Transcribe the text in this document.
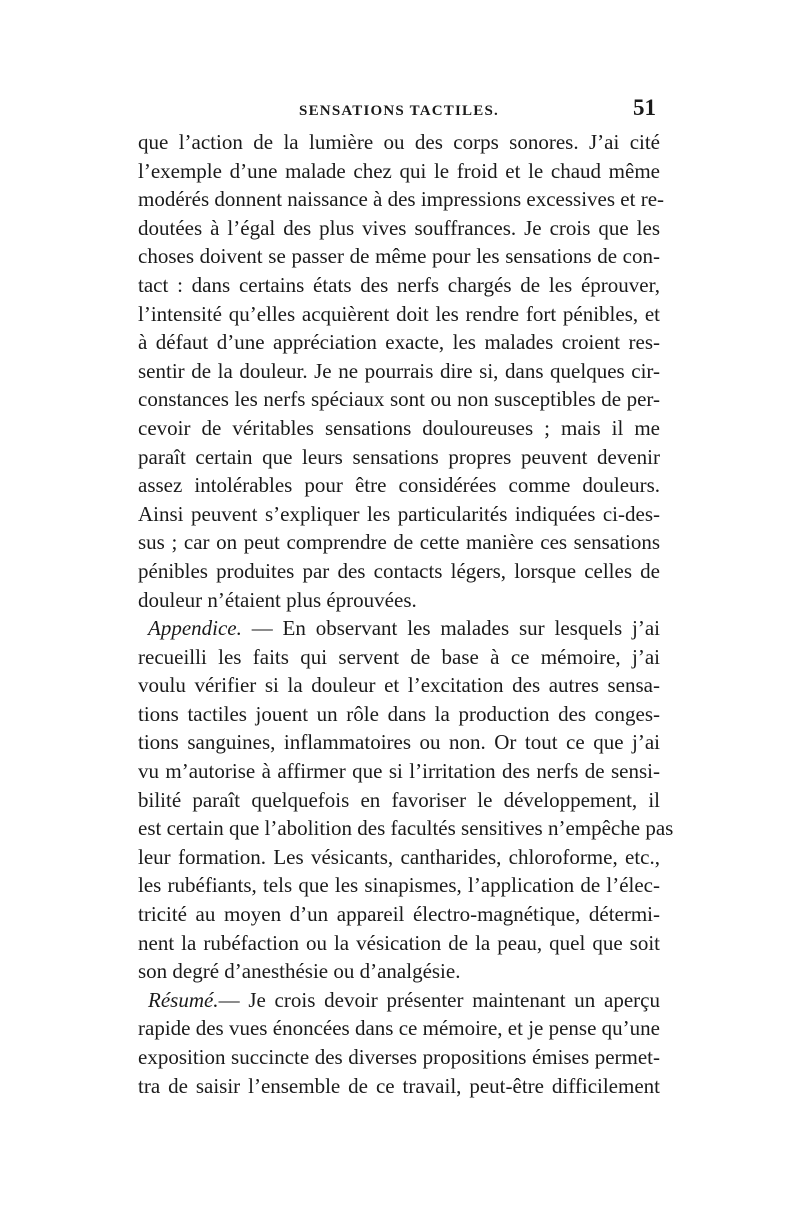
SENSATIONS TACTILES.	51
que l’action de la lumière ou des corps sonores. J’ai cité
l’exemple d’une malade chez qui le froid et le chaud même
modérés donnent naissance à des impressions excessives et re-
doutées à l’égal des plus vives souffrances. Je crois que les
choses doivent se passer de même pour les sensations de con-
tact : dans certains états des nerfs chargés de les éprouver,
l’intensité qu’elles acquièrent doit les rendre fort pénibles, et
à défaut d’une appréciation exacte, les malades croient res-
sentir de la douleur. Je ne pourrais dire si, dans quelques cir-
constances les nerfs spéciaux sont ou non susceptibles de per-
cevoir de véritables sensations douloureuses ; mais il me
paraît certain que leurs sensations propres peuvent devenir
assez intolérables pour être considérées comme douleurs.
Ainsi peuvent s’expliquer les particularités indiquées ci-des-
sus ; car on peut comprendre de cette manière ces sensations
pénibles produites par des contacts légers, lorsque celles de
douleur n’étaient plus éprouvées.
Appendice. — En observant les malades sur lesquels j’ai
recueilli les faits qui servent de base à ce mémoire, j’ai
voulu vérifier si la douleur et l’excitation des autres sensa-
tions tactiles jouent un rôle dans la production des conges-
tions sanguines, inflammatoires ou non. Or tout ce que j’ai
vu m’autorise à affirmer que si l’irritation des nerfs de sensi-
bilité paraît quelquefois en favoriser le développement, il
est certain que l’abolition des facultés sensitives n’empêche pas
leur formation. Les vésicants, cantharides, chloroforme, etc.,
les rubéfiants, tels que les sinapismes, l’application de l’élec-
tricité au moyen d’un appareil électro-magnétique, détermi-
nent la rubéfaction ou la vésication de la peau, quel que soit
son degré d’anesthésie ou d’analgésie.
Résumé.— Je crois devoir présenter maintenant un aperçu
rapide des vues énoncées dans ce mémoire, et je pense qu’une
exposition succincte des diverses propositions émises permet-
tra de saisir l’ensemble de ce travail, peut-être difficilement
